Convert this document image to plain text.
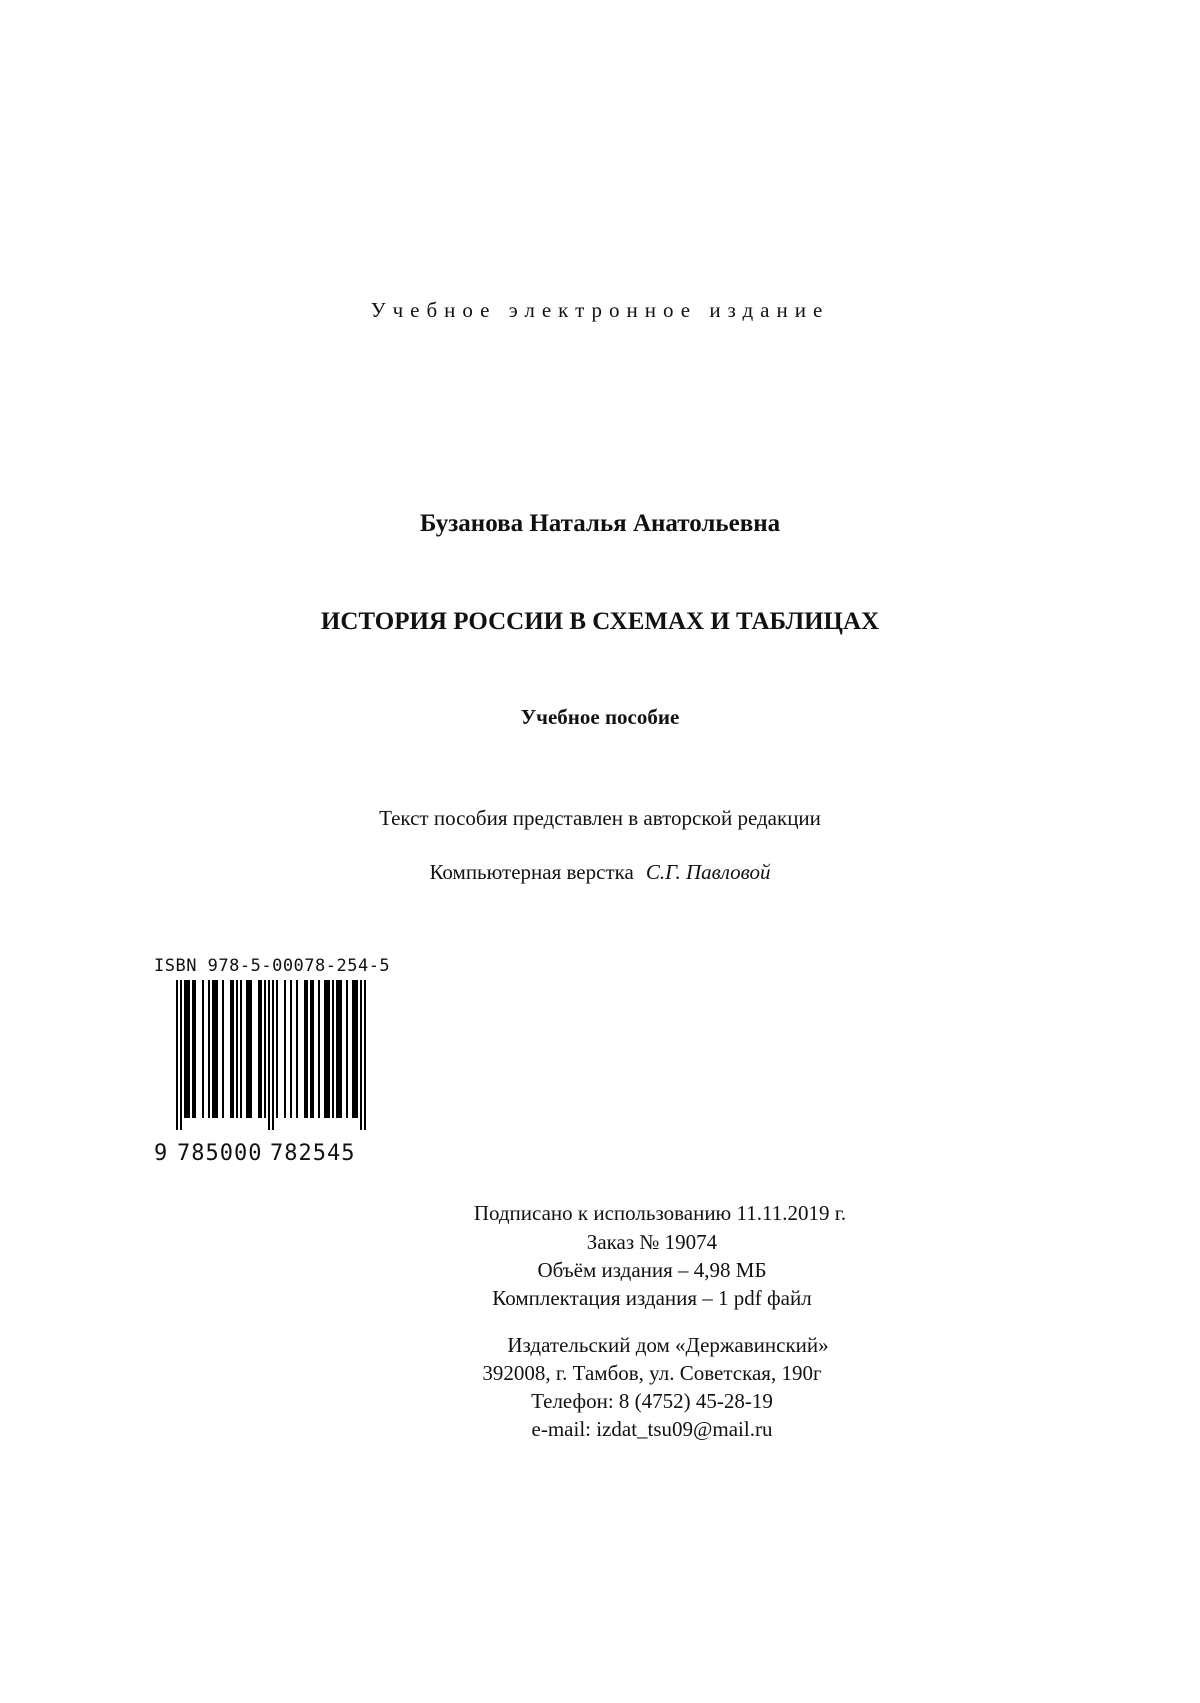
Учебное электронное издание
Бузанова Наталья Анатольевна
ИСТОРИЯ РОССИИ В СХЕМАХ И ТАБЛИЦАХ
Учебное пособие
Текст пособия представлен в авторской редакции
Компьютерная верстка С.Г. Павловой
ISBN 978-5-00078-254-5
9 785000 782545
Подписано к использованию 11.11.2019 г.
Заказ № 19074
Объём издания – 4,98 МБ
Комплектация издания – 1 pdf файл
Издательский дом «Державинский»
392008, г. Тамбов, ул. Советская, 190г
Телефон: 8 (4752) 45-28-19
e-mail: izdat_tsu09@mail.ru
